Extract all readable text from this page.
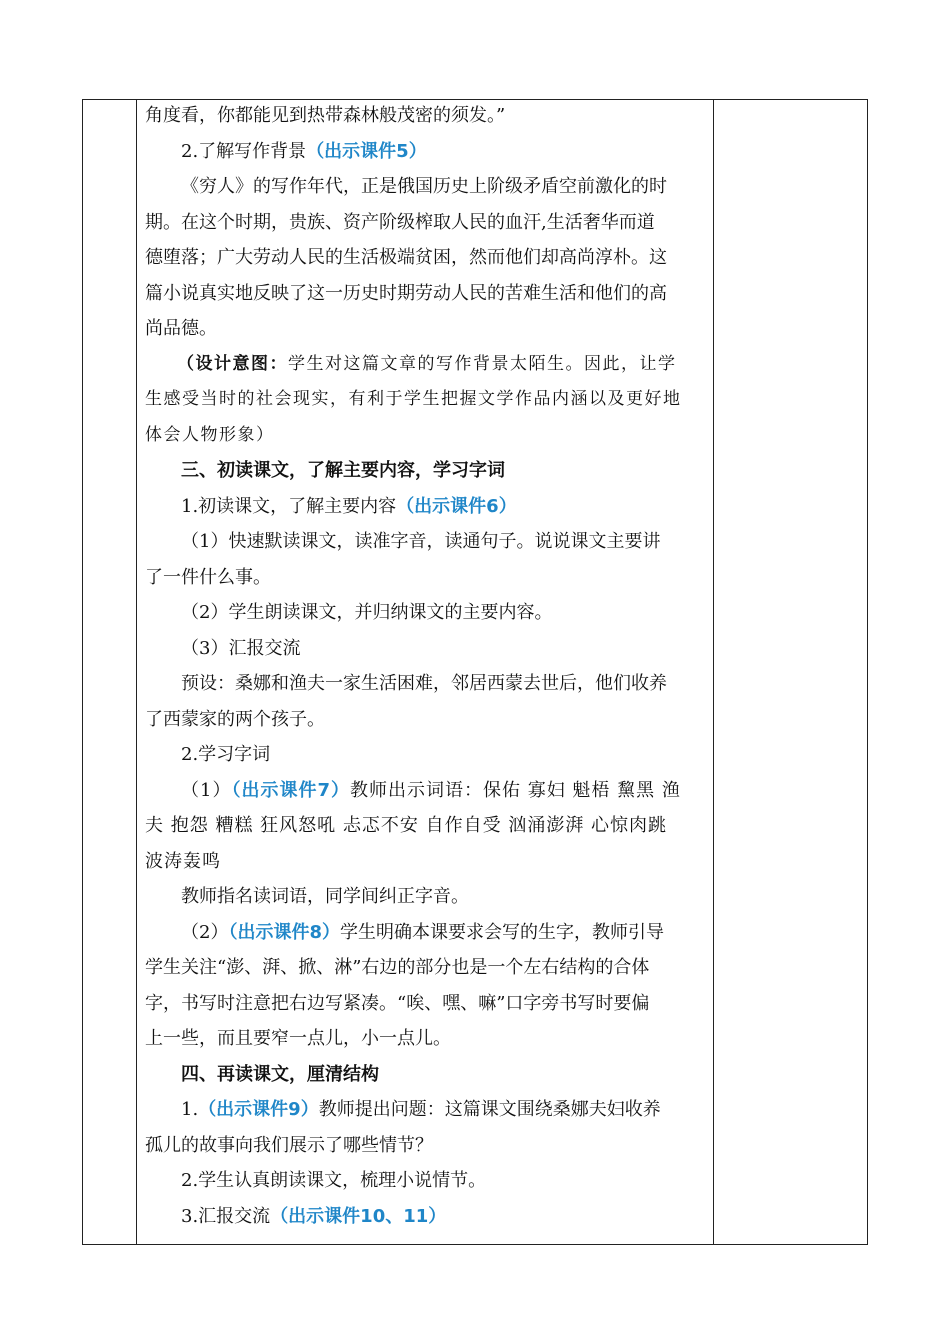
角度看，你都能见到热带森林般茂密的须发。”

2.了解写作背景（出示课件5）

《穷人》的写作年代，正是俄国历史上阶级矛盾空前激化的时

期。在这个时期，贵族、资产阶级榨取人民的血汗,生活奢华而道

德堕落；广大劳动人民的生活极端贫困，然而他们却高尚淳朴。这

篇小说真实地反映了这一历史时期劳动人民的苦难生活和他们的高

尚品德。

（设计意图：学生对这篇文章的写作背景太陌生。因此，让学

生感受当时的社会现实，有利于学生把握文学作品内涵以及更好地

体会人物形象）

三、初读课文，了解主要内容，学习字词

1.初读课文，了解主要内容（出示课件6）

（1）快速默读课文，读准字音，读通句子。说说课文主要讲

了一件什么事。

（2）学生朗读课文，并归纳课文的主要内容。

（3）汇报交流

预设：桑娜和渔夫一家生活困难，邻居西蒙去世后，他们收养

了西蒙家的两个孩子。

2.学习字词

（1）（出示课件7）教师出示词语：保佑 寡妇 魁梧 黧黑 渔

夫 抱怨 糟糕 狂风怒吼 忐忑不安 自作自受 汹涌澎湃 心惊肉跳

波涛轰鸣

教师指名读词语，同学间纠正字音。

（2）（出示课件8）学生明确本课要求会写的生字，教师引导

学生关注“澎、湃、掀、淋”右边的部分也是一个左右结构的合体

字，书写时注意把右边写紧凑。“唉、嘿、嘛”口字旁书写时要偏

上一些，而且要窄一点儿，小一点儿。

四、再读课文，厘清结构

1.（出示课件9）教师提出问题：这篇课文围绕桑娜夫妇收养

孤儿的故事向我们展示了哪些情节？

2.学生认真朗读课文，梳理小说情节。

3.汇报交流（出示课件10、11）
